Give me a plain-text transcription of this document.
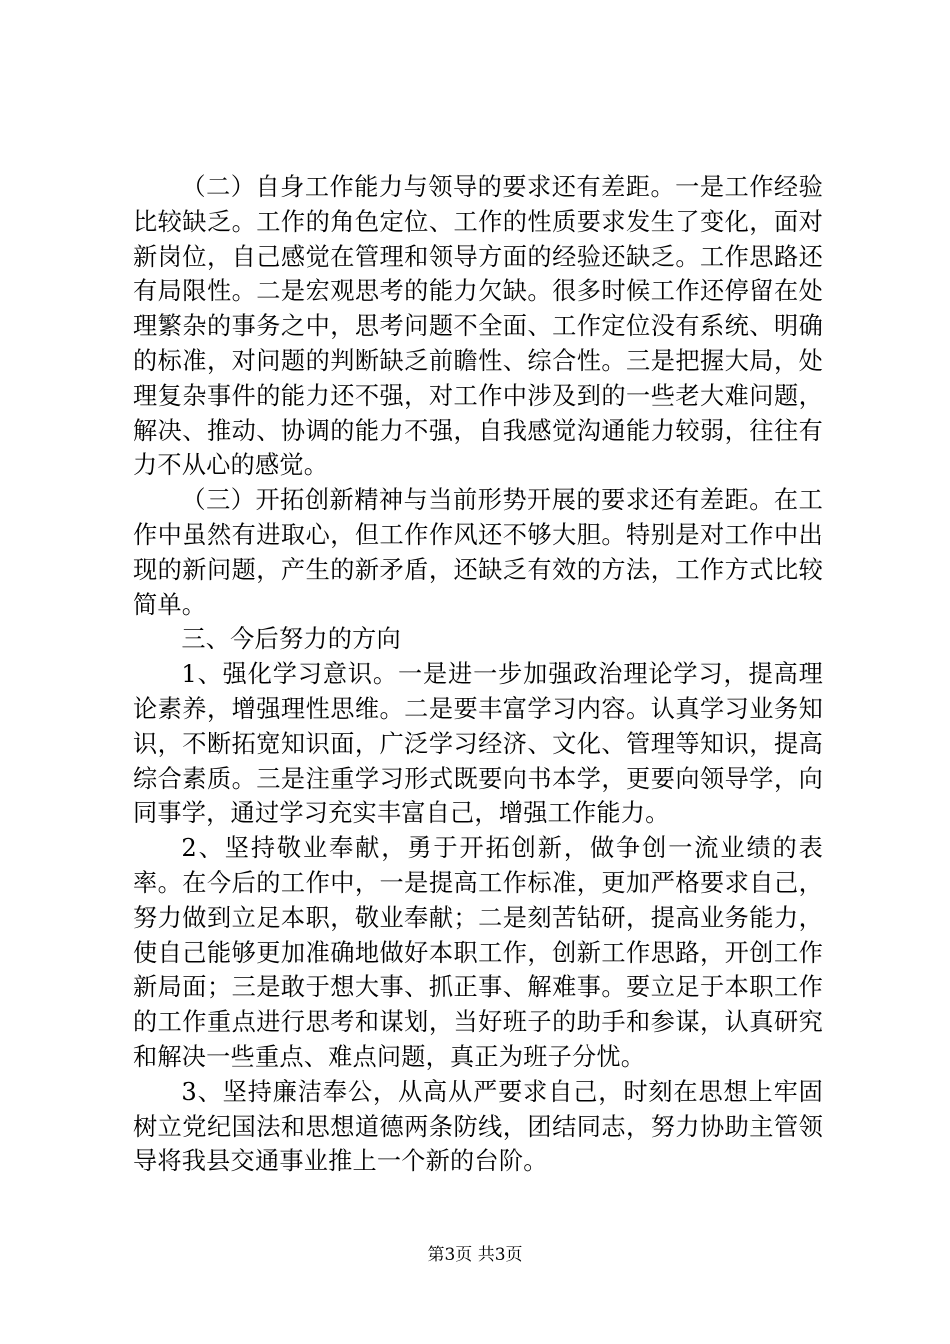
（二）自身工作能力与领导的要求还有差距。一是工作经验比较缺乏。工作的角色定位、工作的性质要求发生了变化，面对新岗位，自己感觉在管理和领导方面的经验还缺乏。工作思路还有局限性。二是宏观思考的能力欠缺。很多时候工作还停留在处理繁杂的事务之中，思考问题不全面、工作定位没有系统、明确的标准，对问题的判断缺乏前瞻性、综合性。三是把握大局，处理复杂事件的能力还不强，对工作中涉及到的一些老大难问题，解决、推动、协调的能力不强，自我感觉沟通能力较弱，往往有力不从心的感觉。

（三）开拓创新精神与当前形势开展的要求还有差距。在工作中虽然有进取心，但工作作风还不够大胆。特别是对工作中出现的新问题，产生的新矛盾，还缺乏有效的方法，工作方式比较简单。

三、今后努力的方向

1、强化学习意识。一是进一步加强政治理论学习，提高理论素养，增强理性思维。二是要丰富学习内容。认真学习业务知识，不断拓宽知识面，广泛学习经济、文化、管理等知识，提高综合素质。三是注重学习形式既要向书本学，更要向领导学，向同事学，通过学习充实丰富自己，增强工作能力。

2、坚持敬业奉献，勇于开拓创新，做争创一流业绩的表率。在今后的工作中，一是提高工作标准，更加严格要求自己，努力做到立足本职，敬业奉献；二是刻苦钻研，提高业务能力，使自己能够更加准确地做好本职工作，创新工作思路，开创工作新局面；三是敢于想大事、抓正事、解难事。要立足于本职工作的工作重点进行思考和谋划，当好班子的助手和参谋，认真研究和解决一些重点、难点问题，真正为班子分忧。

3、坚持廉洁奉公，从高从严要求自己，时刻在思想上牢固树立党纪国法和思想道德两条防线，团结同志，努力协助主管领导将我县交通事业推上一个新的台阶。

第3页 共3页
